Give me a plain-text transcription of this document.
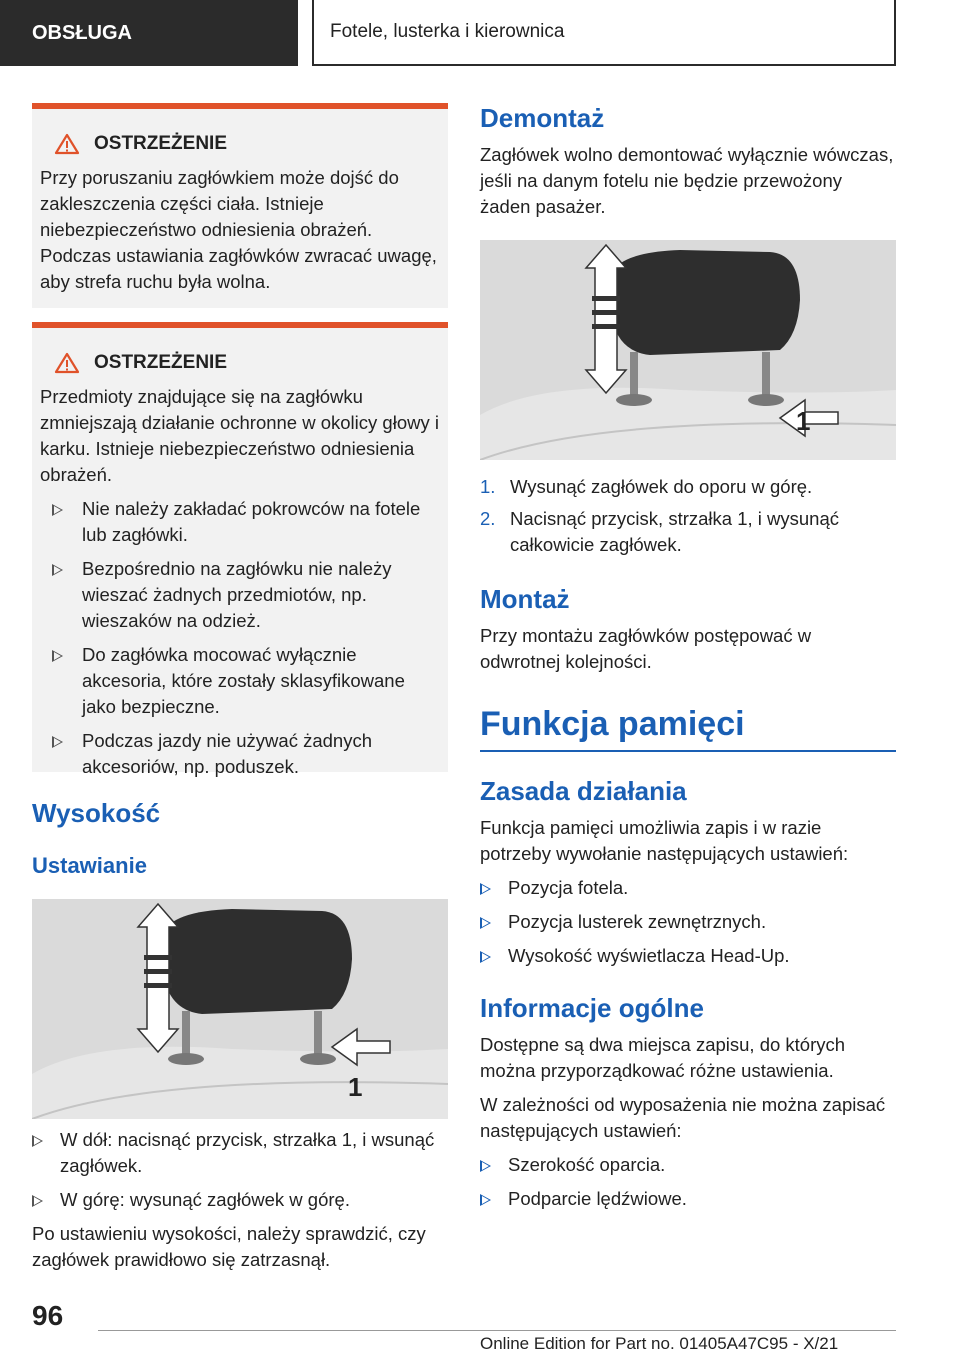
OBSŁUGA	Fotele, lusterka i kierownica
OSTRZEŻENIE

Przy poruszaniu zagłówkiem może dojść do zakleszczenia części ciała. Istnieje niebezpieczeństwo odniesienia obrażeń. Podczas ustawiania zagłówków zwracać uwagę, aby strefa ruchu była wolna.

OSTRZEŻENIE

Przedmioty znajdujące się na zagłówku zmniejszają działanie ochronne w okolicy głowy i karku. Istnieje niebezpieczeństwo odniesienia obrażeń.

Nie należy zakładać pokrowców na fotele lub zagłówki.
Bezpośrednio na zagłówku nie należy wieszać żadnych przedmiotów, np. wieszaków na odzież.
Do zagłówka mocować wyłącznie akcesoria, które zostały sklasyfikowane jako bezpieczne.
Podczas jazdy nie używać żadnych akcesoriów, np. poduszek.
Wysokość
Ustawianie
1
W dół: nacisnąć przycisk, strzałka 1, i wsunąć zagłówek.
W górę: wysunąć zagłówek w górę.

Po ustawieniu wysokości, należy sprawdzić, czy zagłówek prawidłowo się zatrzasnął.

Demontaż

Zagłówek wolno demontować wyłącznie wówczas, jeśli na danym fotelu nie będzie przewożony żaden pasażer.

1
1. Wysunąć zagłówek do oporu w górę.
2. Nacisnąć przycisk, strzałka 1, i wysunąć całkowicie zagłówek.
Montaż

Przy montażu zagłówków postępować w odwrotnej kolejności.

Funkcja pamięci
Zasada działania

Funkcja pamięci umożliwia zapis i w razie potrzeby wywołanie następujących ustawień:

Pozycja fotela.
Pozycja lusterek zewnętrznych.
Wysokość wyświetlacza Head-Up.
Informacje ogólne

Dostępne są dwa miejsca zapisu, do których można przyporządkować różne ustawienia.

W zależności od wyposażenia nie można zapisać następujących ustawień:

Szerokość oparcia.
Podparcie lędźwiowe.
96
Online Edition for Part no. 01405A47C95 - X/21
